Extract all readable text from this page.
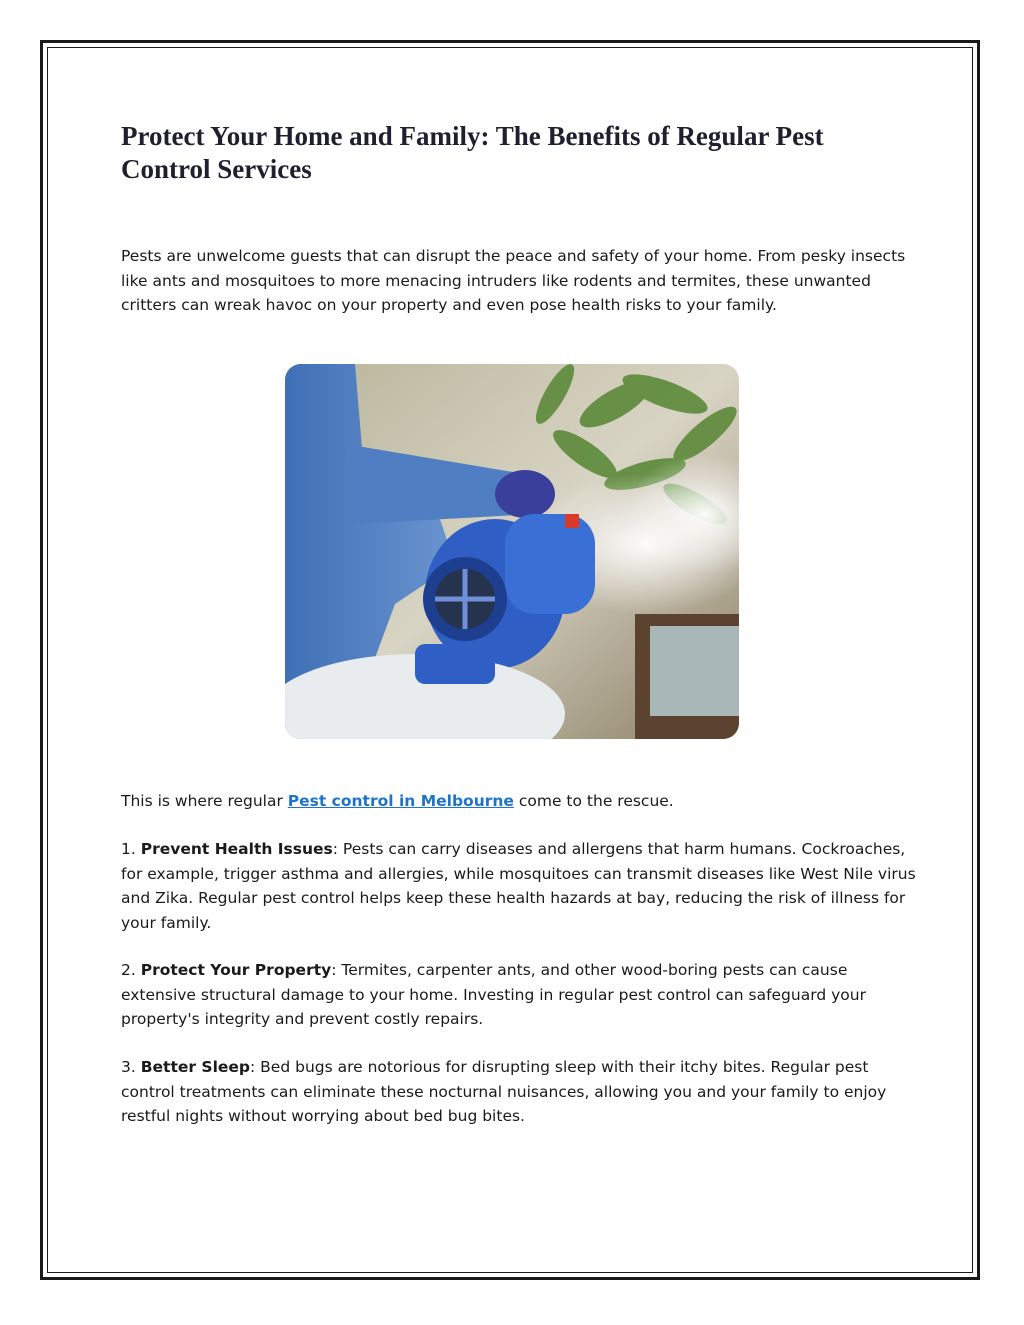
Protect Your Home and Family: The Benefits of Regular Pest Control Services

Pests are unwelcome guests that can disrupt the peace and safety of your home. From pesky insects like ants and mosquitoes to more menacing intruders like rodents and termites, these unwanted critters can wreak havoc on your property and even pose health risks to your family.

This is where regular Pest control in Melbourne come to the rescue.

1. Prevent Health Issues: Pests can carry diseases and allergens that harm humans. Cockroaches, for example, trigger asthma and allergies, while mosquitoes can transmit diseases like West Nile virus and Zika. Regular pest control helps keep these health hazards at bay, reducing the risk of illness for your family.

2. Protect Your Property: Termites, carpenter ants, and other wood-boring pests can cause extensive structural damage to your home. Investing in regular pest control can safeguard your property's integrity and prevent costly repairs.

3. Better Sleep: Bed bugs are notorious for disrupting sleep with their itchy bites. Regular pest control treatments can eliminate these nocturnal nuisances, allowing you and your family to enjoy restful nights without worrying about bed bug bites.
